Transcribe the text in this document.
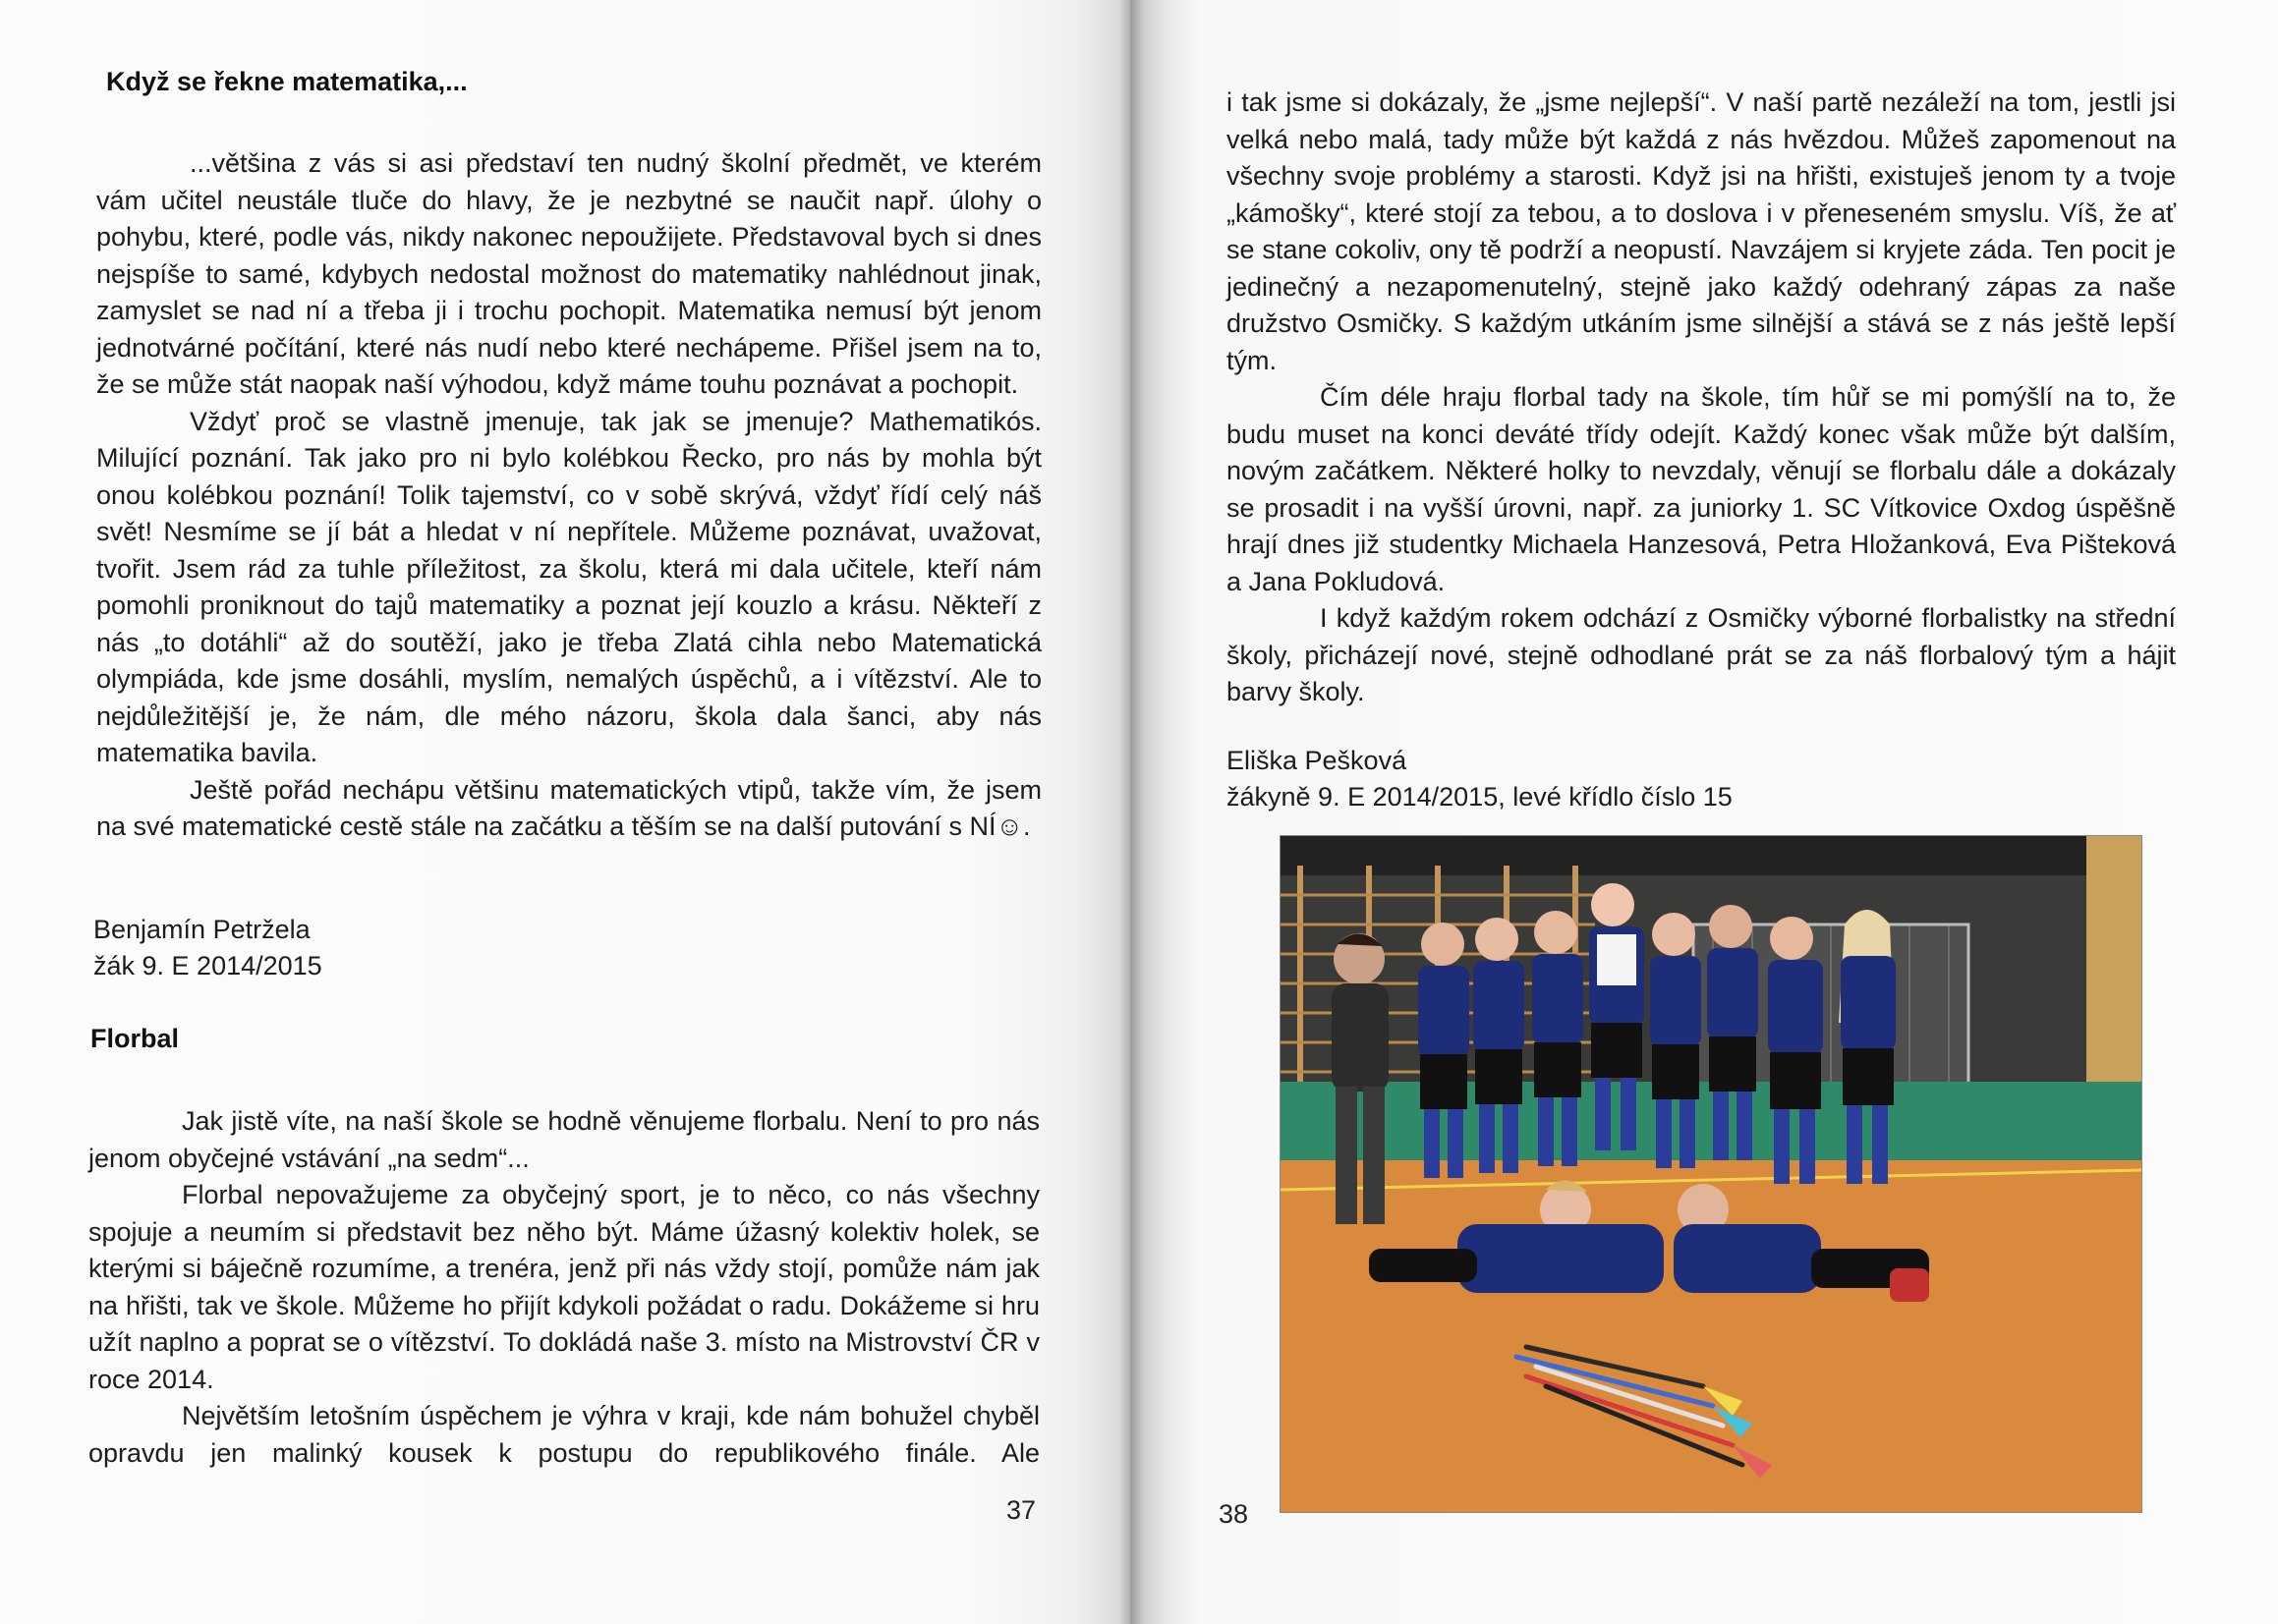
Když se řekne matematika,...

...většina z vás si asi představí ten nudný školní předmět, ve kterém vám učitel neustále tluče do hlavy, že je nezbytné se naučit např. úlohy o pohybu, které, podle vás, nikdy nakonec nepoužijete. Představoval bych si dnes nejspíše to samé, kdybych nedostal možnost do matematiky nahlédnout jinak, zamyslet se nad ní a třeba ji i trochu pochopit. Matematika nemusí být jenom jednotvárné počítání, které nás nudí nebo které nechápeme. Přišel jsem na to, že se může stát naopak naší výhodou, když máme touhu poznávat a pochopit.

Vždyť proč se vlastně jmenuje, tak jak se jmenuje? Mathematikós. Milující poznání. Tak jako pro ni bylo kolébkou Řecko, pro nás by mohla být onou kolébkou poznání! Tolik tajemství, co v sobě skrývá, vždyť řídí celý náš svět! Nesmíme se jí bát a hledat v ní nepřítele. Můžeme poznávat, uvažovat, tvořit. Jsem rád za tuhle příležitost, za školu, která mi dala učitele, kteří nám pomohli proniknout do tajů matematiky a poznat její kouzlo a krásu. Někteří z nás „to dotáhli“ až do soutěží, jako je třeba Zlatá cihla nebo Matematická olympiáda, kde jsme dosáhli, myslím, nemalých úspěchů, a i vítězství. Ale to nejdůležitější je, že nám, dle mého názoru, škola dala šanci, aby nás matematika bavila.

Ještě pořád nechápu většinu matematických vtipů, takže vím, že jsem na své matematické cestě stále na začátku a těším se na další putování s NÍ☺.

Benjamín Petržela
žák 9. E 2014/2015
Florbal

Jak jistě víte, na naší škole se hodně věnujeme florbalu. Není to pro nás jenom obyčejné vstávání „na sedm“...

Florbal nepovažujeme za obyčejný sport, je to něco, co nás všechny spojuje a neumím si představit bez něho být. Máme úžasný kolektiv holek, se kterými si báječně rozumíme, a trenéra, jenž při nás vždy stojí, pomůže nám jak na hřišti, tak ve škole. Můžeme ho přijít kdykoli požádat o radu. Dokážeme si hru užít naplno a poprat se o vítězství. To dokládá naše 3. místo na Mistrovství ČR v roce 2014.

Největším letošním úspěchem je výhra v kraji, kde nám bohužel chyběl opravdu jen malinký kousek k postupu do republikového finále. Ale

37

i tak jsme si dokázaly, že „jsme nejlepší“. V naší partě nezáleží na tom, jestli jsi velká nebo malá, tady může být každá z nás hvězdou. Můžeš zapomenout na všechny svoje problémy a starosti. Když jsi na hřišti, existuješ jenom ty a tvoje „kámošky“, které stojí za tebou, a to doslova i v přeneseném smyslu. Víš, že ať se stane cokoliv, ony tě podrží a neopustí. Navzájem si kryjete záda. Ten pocit je jedinečný a nezapomenutelný, stejně jako každý odehraný zápas za naše družstvo Osmičky. S každým utkáním jsme silnější a stává se z nás ještě lepší tým.

Čím déle hraju florbal tady na škole, tím hůř se mi pomýšlí na to, že budu muset na konci deváté třídy odejít. Každý konec však může být dalším, novým začátkem. Některé holky to nevzdaly, věnují se florbalu dále a dokázaly se prosadit i na vyšší úrovni, např. za juniorky 1. SC Vítkovice Oxdog úspěšně hrají dnes již studentky Michaela Hanzesová, Petra Hložanková, Eva Pišteková a Jana Pokludová.

I když každým rokem odchází z Osmičky výborné florbalistky na střední školy, přicházejí nové, stejně odhodlané prát se za náš florbalový tým a hájit barvy školy.

Eliška Pešková
žákyně 9. E 2014/2015, levé křídlo číslo 15
38
